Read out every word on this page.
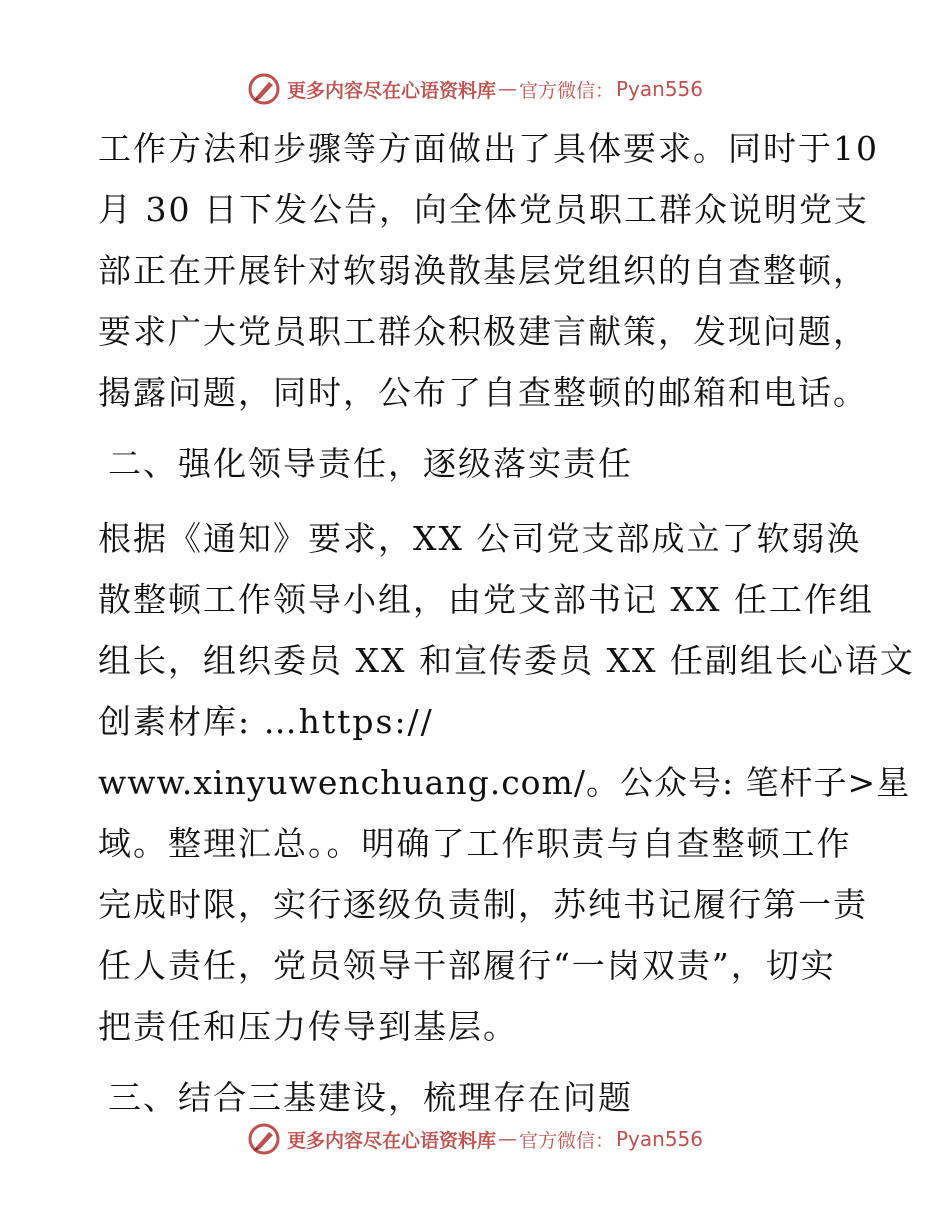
更多内容尽在心语资料库 — 官方微信： Pyan556
工作方法和步骤等方面做出了具体要求。同时于10
月 30 日下发公告，向全体党员职工群众说明党支
部正在开展针对软弱涣散基层党组织的自查整顿，
要求广大党员职工群众积极建言献策，发现问题，
揭露问题，同时，公布了自查整顿的邮箱和电话。
二、强化领导责任，逐级落实责任
根据《通知》要求，XX 公司党支部成立了软弱涣
散整顿工作领导小组，由党支部书记 XX 任工作组
组长，组织委员 XX 和宣传委员 XX 任副组长心语文
创素材库: …https://
www.xinyuwenchuang.com/。公众号: 笔杆子>星
域。整理汇总。。明确了工作职责与自查整顿工作
完成时限，实行逐级负责制，苏纯书记履行第一责
任人责任，党员领导干部履行“一岗双责”，切实
把责任和压力传导到基层。
三、结合三基建设，梳理存在问题
更多内容尽在心语资料库 — 官方微信： Pyan556
